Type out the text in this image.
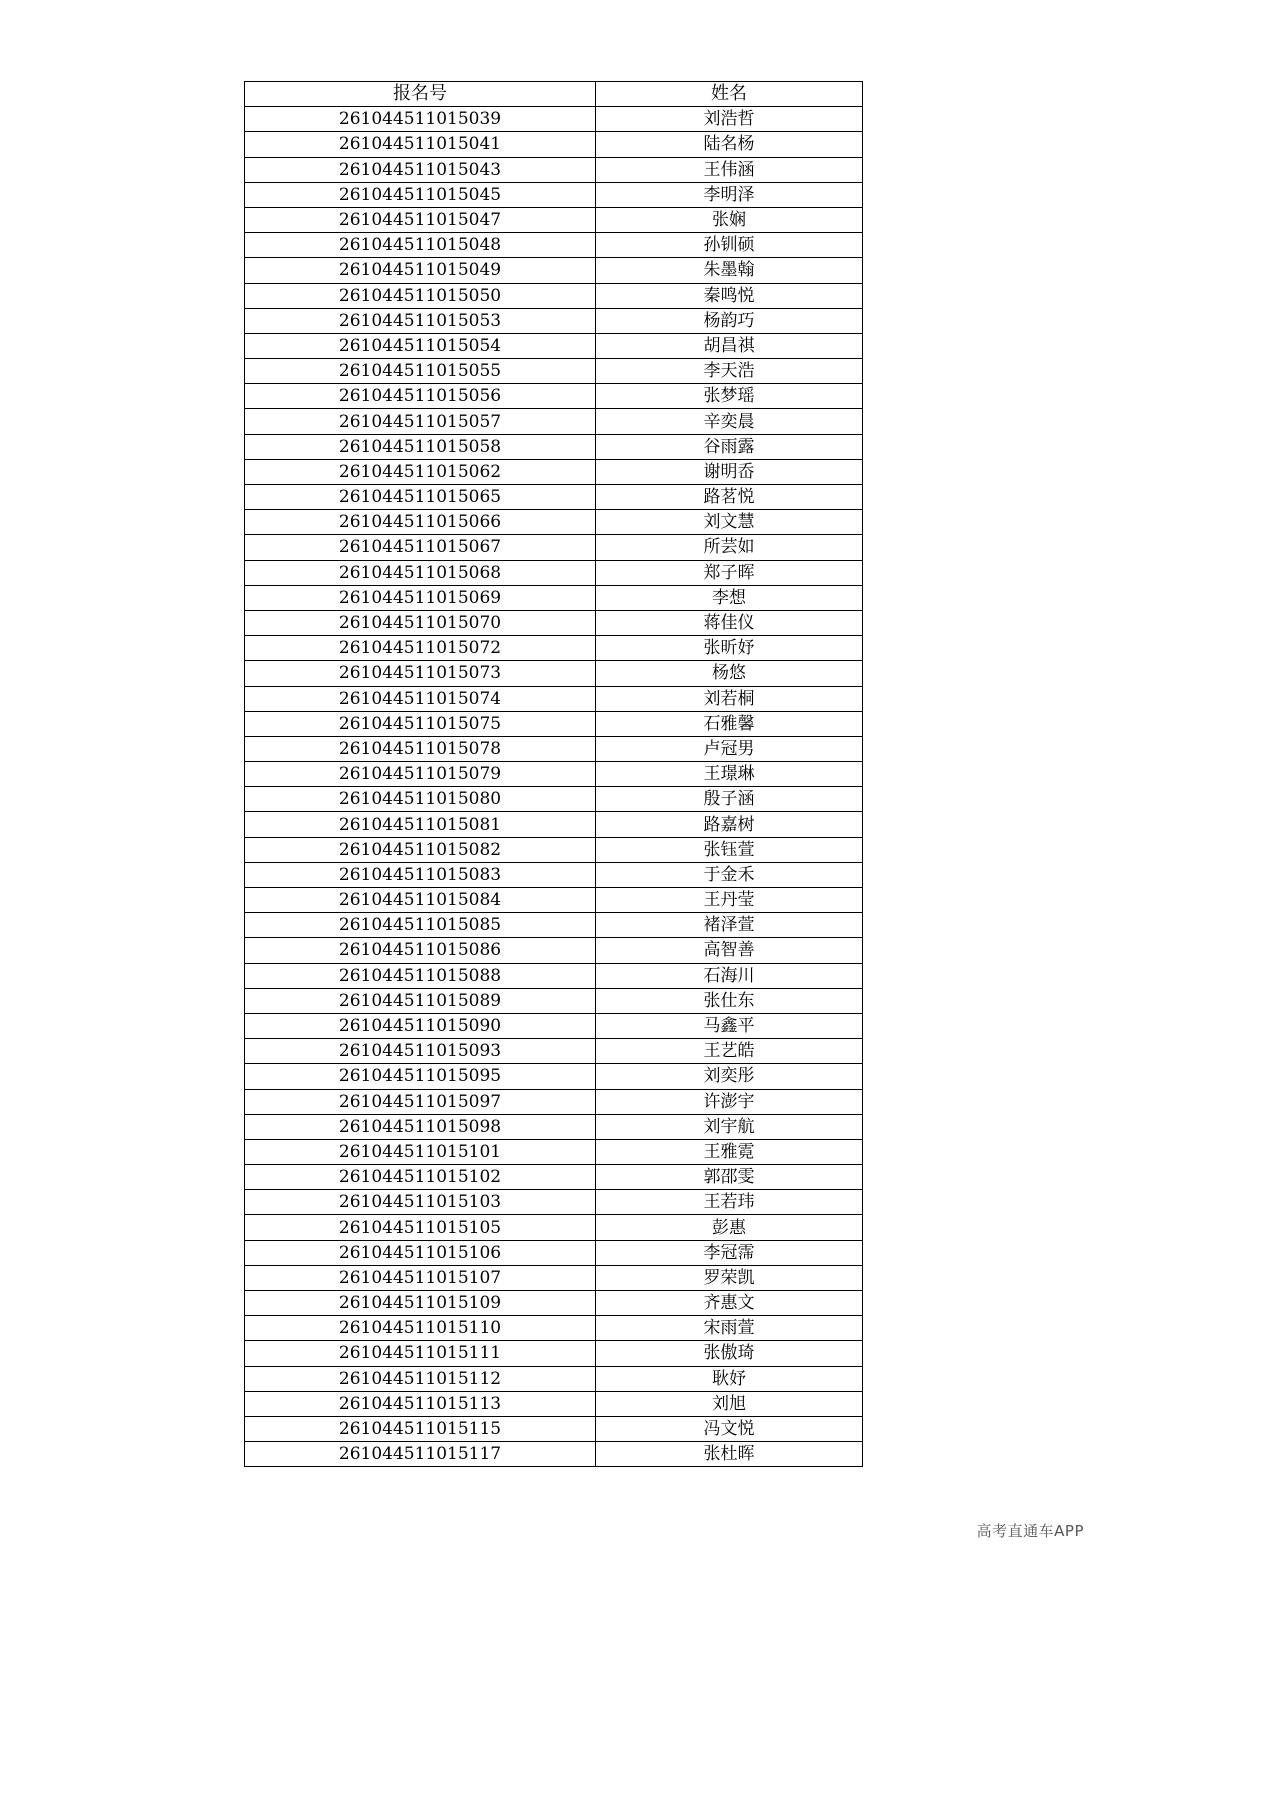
报名号	姓名
261044511015039	刘浩哲
261044511015041	陆名杨
261044511015043	王伟涵
261044511015045	李明泽
261044511015047	张娴
261044511015048	孙钏硕
261044511015049	朱墨翰
261044511015050	秦鸣悦
261044511015053	杨韵巧
261044511015054	胡昌祺
261044511015055	李天浩
261044511015056	张梦瑶
261044511015057	辛奕晨
261044511015058	谷雨露
261044511015062	谢明岙
261044511015065	路茗悦
261044511015066	刘文慧
261044511015067	所芸如
261044511015068	郑子晖
261044511015069	李想
261044511015070	蒋佳仪
261044511015072	张昕妤
261044511015073	杨悠
261044511015074	刘若桐
261044511015075	石雅馨
261044511015078	卢冠男
261044511015079	王璟琳
261044511015080	殷子涵
261044511015081	路嘉树
261044511015082	张钰萱
261044511015083	于金禾
261044511015084	王丹莹
261044511015085	褚泽萱
261044511015086	高智善
261044511015088	石海川
261044511015089	张仕东
261044511015090	马鑫平
261044511015093	王艺皓
261044511015095	刘奕彤
261044511015097	许澎宇
261044511015098	刘宇航
261044511015101	王雅霓
261044511015102	郭邵雯
261044511015103	王若玮
261044511015105	彭惠
261044511015106	李冠霈
261044511015107	罗荣凯
261044511015109	齐惠文
261044511015110	宋雨萱
261044511015111	张傲琦
261044511015112	耿妤
261044511015113	刘旭
261044511015115	冯文悦
261044511015117	张杜晖
高考直通车APP
